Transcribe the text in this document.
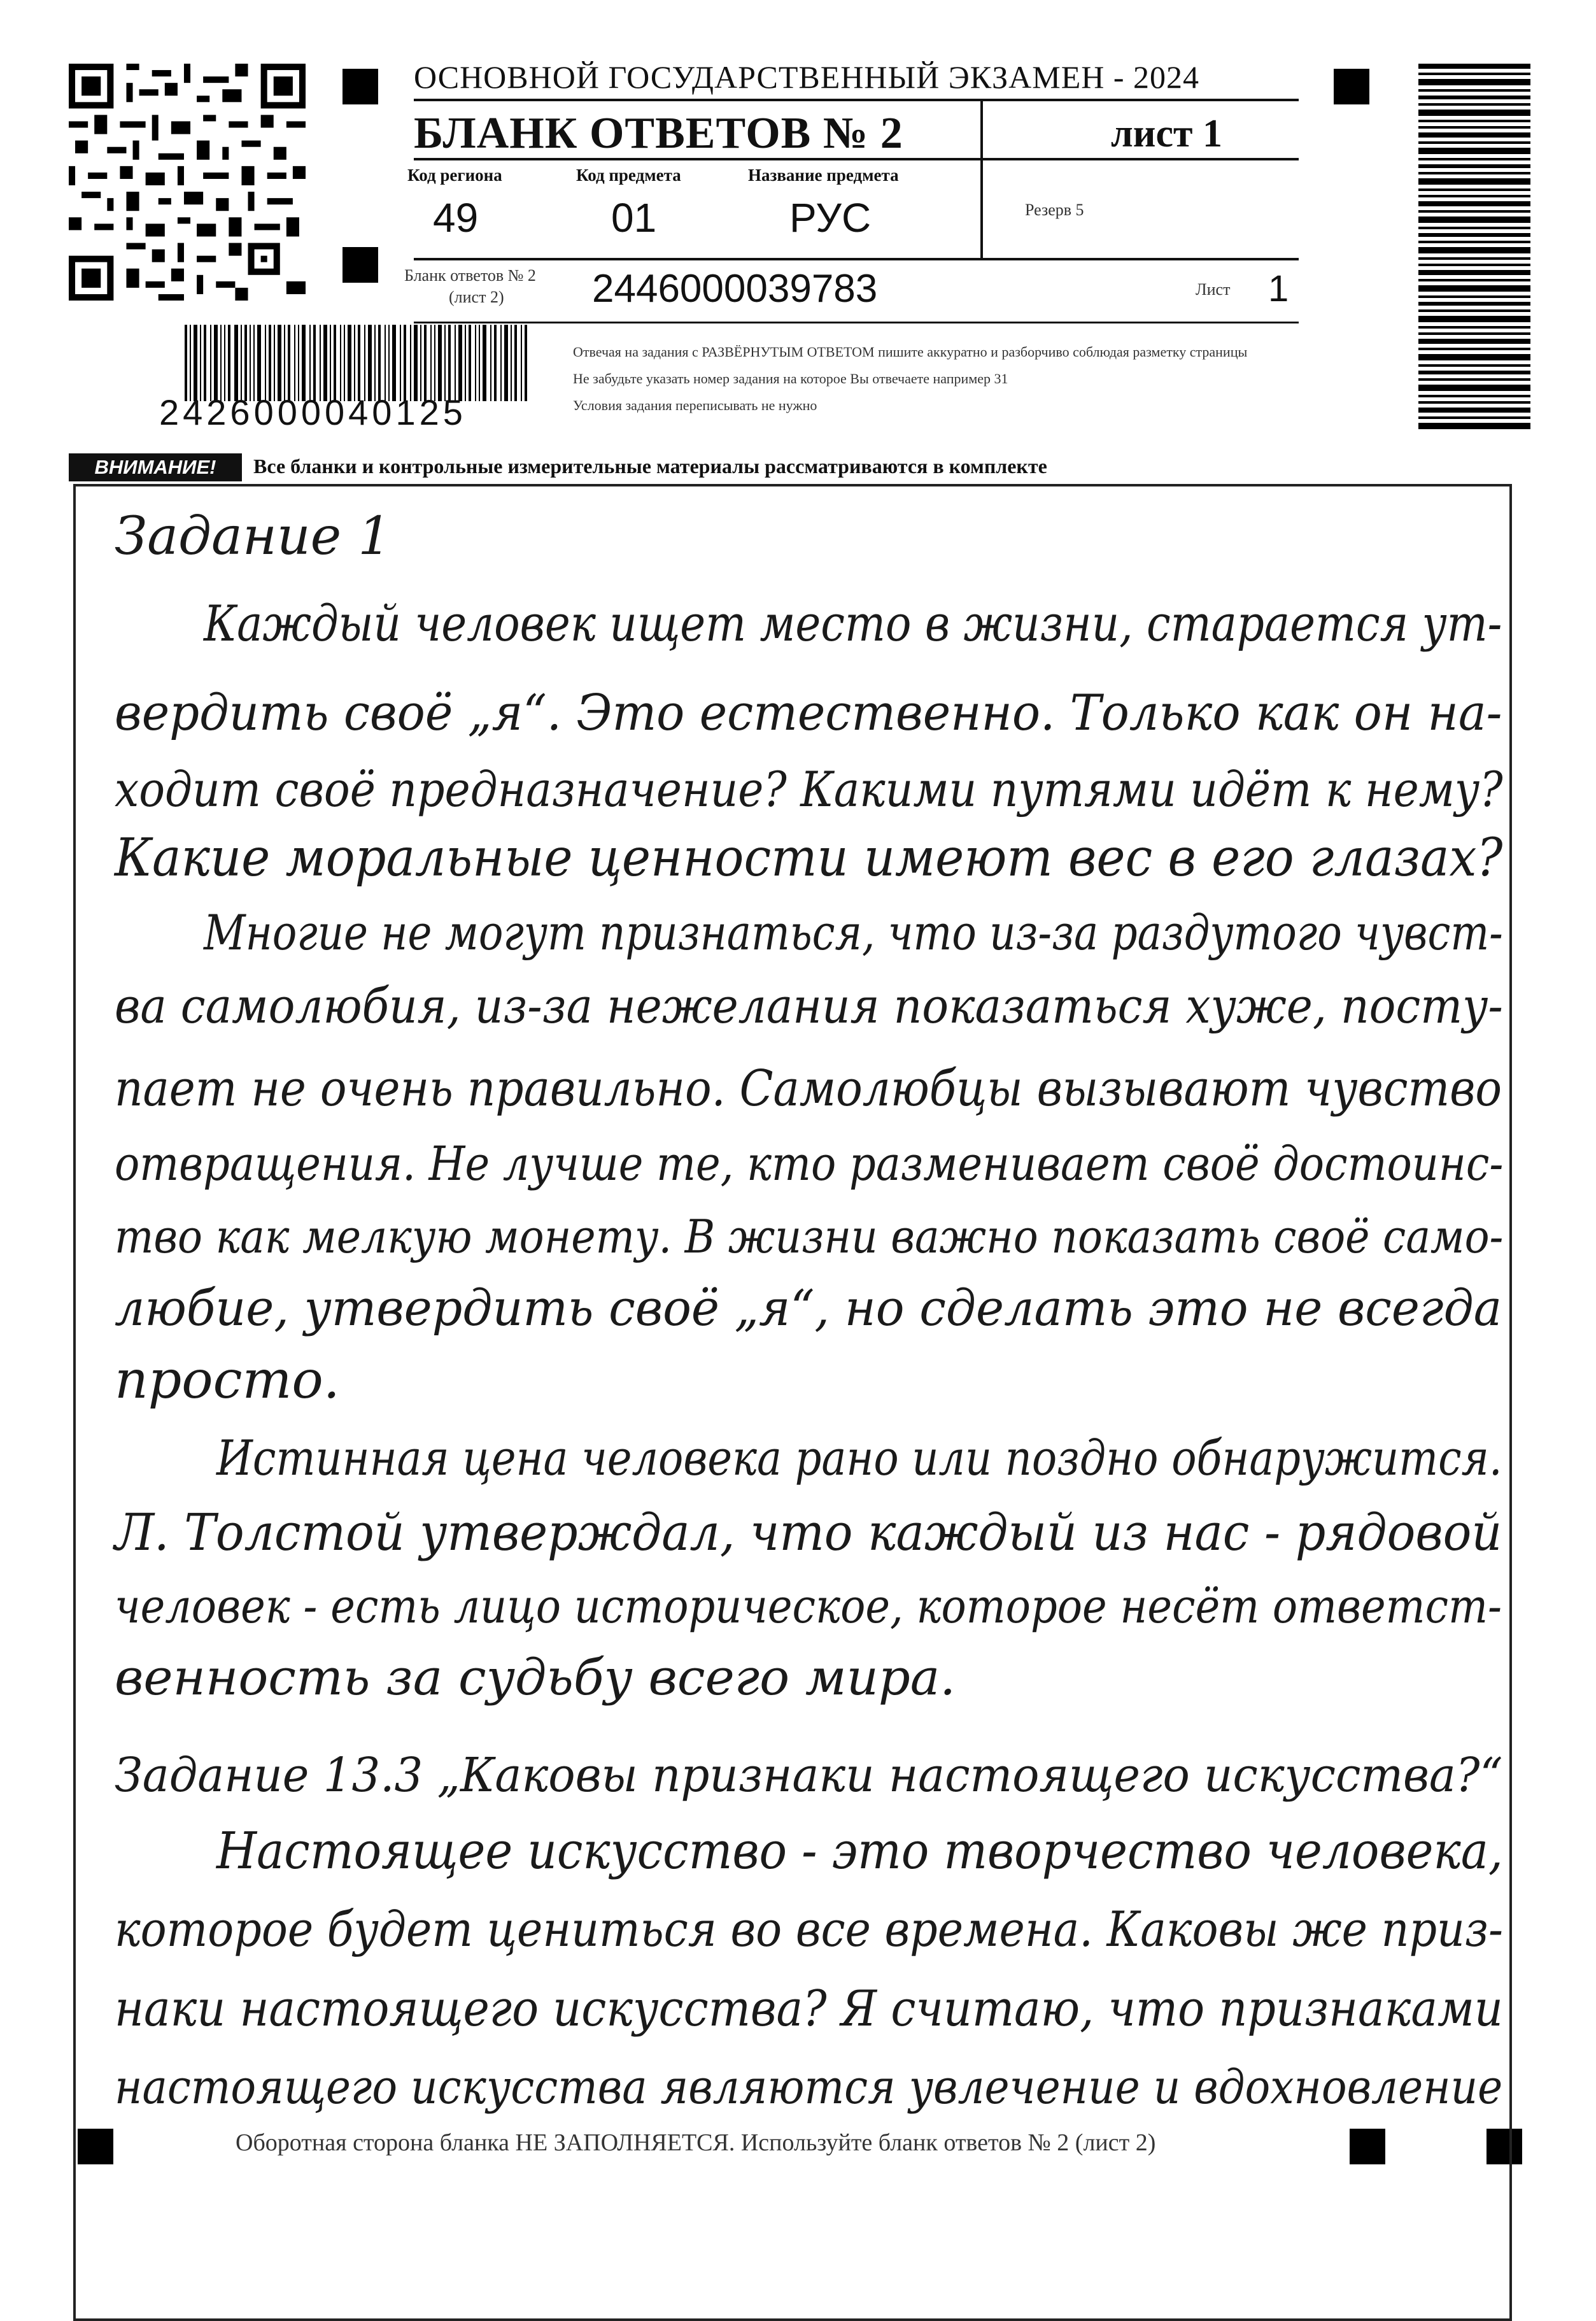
ОСНОВНОЙ ГОСУДАРСТВЕННЫЙ ЭКЗАМЕН - 2024
БЛАНК ОТВЕТОВ № 2	лист 1
Код региона
49
Код предмета
01
Название предмета
РУС	Резерв 5
Бланк ответов № 2
(лист 2) 2446000039783	Лист 1
Отвечая на задания с РАЗВЁРНУТЫМ ОТВЕТОМ пишите аккуратно и разборчиво соблюдая разметку страницы
Не забудьте указать номер задания на которое Вы отвечаете например 31
Условия задания переписывать не нужно
2426000040125
ВНИМАНИЕ!	Все бланки и контрольные измерительные материалы рассматриваются в комплекте
Задание 1
Каждый человек ищет место в жизни, старается ут-
вердить своё „я“. Это естественно. Только как он на-
ходит своё предназначение? Какими путями идёт к нему?
Какие моральные ценности имеют вес в его глазах?
Многие не могут признаться, что из-за раздутого чувст-
ва самолюбия, из-за нежелания показаться хуже, посту-
пает не очень правильно. Самолюбцы вызывают чувство
отвращения. Не лучше те, кто разменивает своё достоинс-
тво как мелкую монету. В жизни важно показать своё само-
любие, утвердить своё „я“, но сделать это не всегда
просто.
Истинная цена человека рано или поздно обнаружится.
Л. Толстой утверждал, что каждый из нас - рядовой
человек - есть лицо историческое, которое несёт ответст-
венность за судьбу всего мира.
Задание 13.3 „Каковы признаки настоящего искусства?“
Настоящее искусство - это творчество человека,
которое будет цениться во все времена. Каковы же приз-
наки настоящего искусства? Я считаю, что признаками
настоящего искусства являются увлечение и вдохновление
Оборотная сторона бланка НЕ ЗАПОЛНЯЕТСЯ. Используйте бланк ответов № 2 (лист 2)
